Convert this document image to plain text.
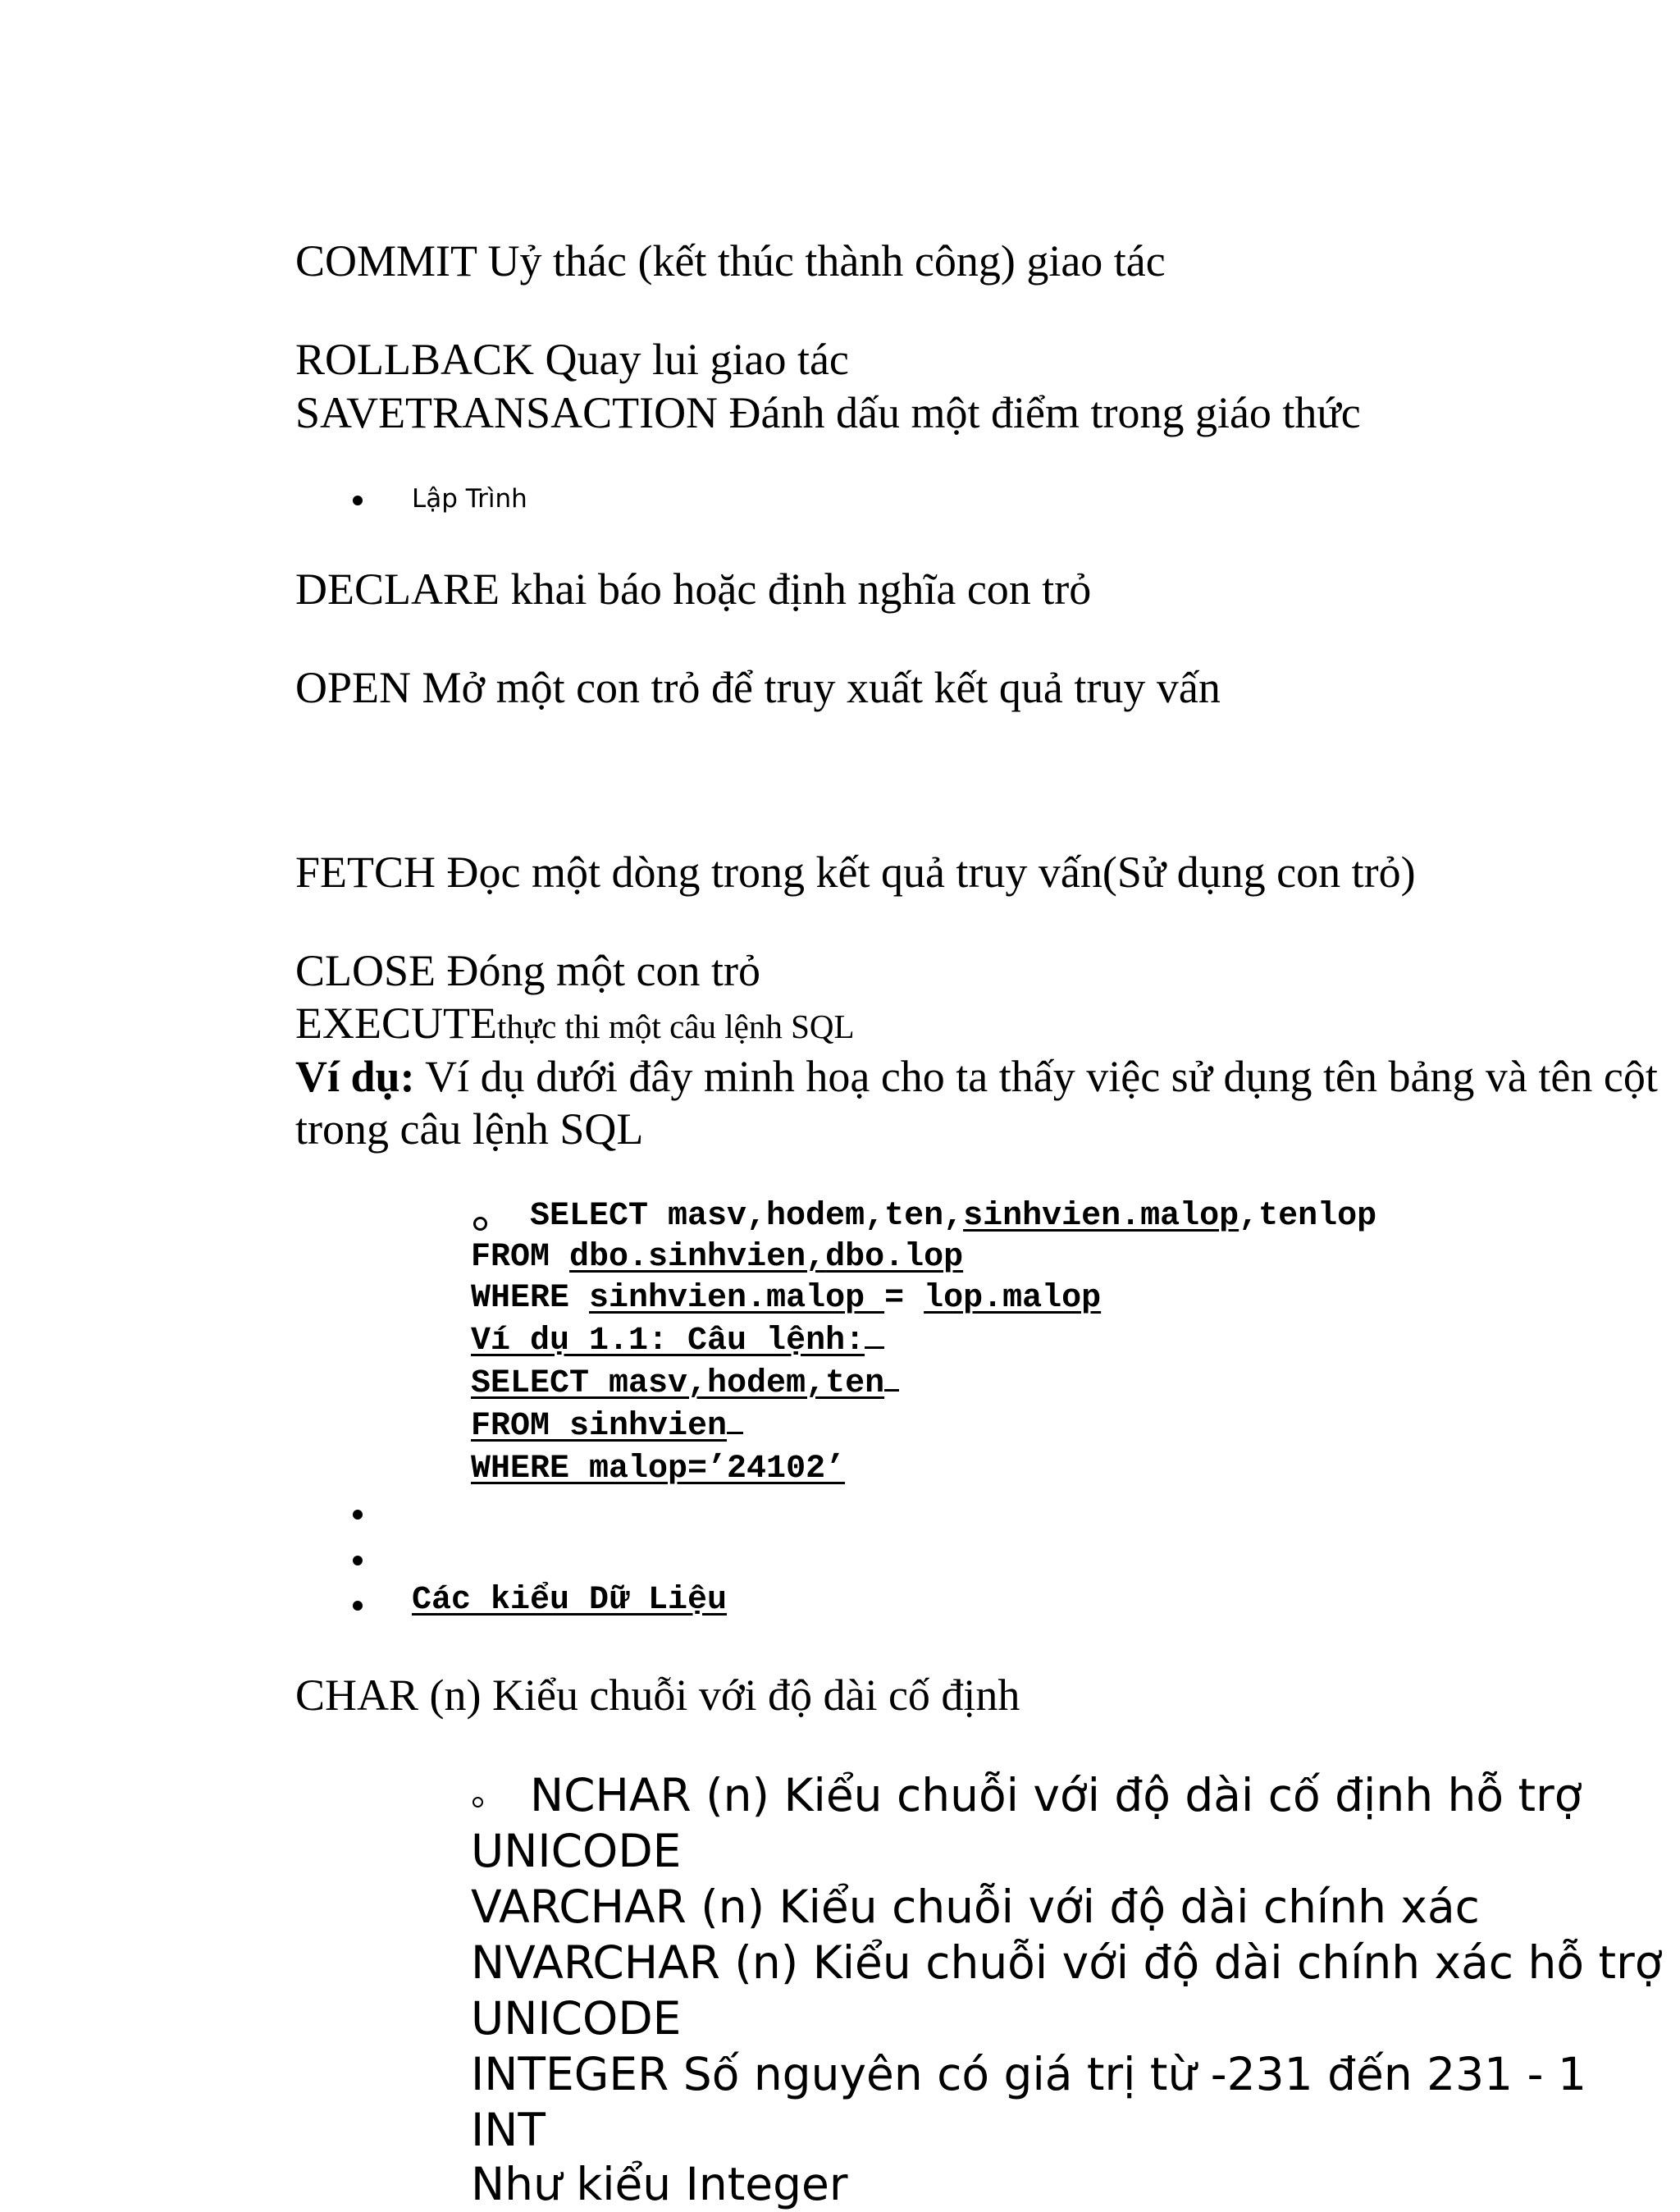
COMMIT Uỷ thác (kết thúc thành công) giao tác
ROLLBACK Quay lui giao tác
SAVETRANSACTION Đánh dấu một điểm trong giáo thức
Lập Trình
DECLARE khai báo hoặc định nghĩa con trỏ
OPEN Mở một con trỏ để truy xuất kết quả truy vấn
FETCH Đọc một dòng trong kết quả truy vấn(Sử dụng con trỏ)
CLOSE Đóng một con trỏ
EXECUTEthực thi một câu lệnh SQL
Ví dụ: Ví dụ dưới đây minh hoạ cho ta thấy việc sử dụng tên bảng và tên cột
trong câu lệnh SQL
SELECT masv,hodem,ten,sinhvien.malop,tenlop
FROM dbo.sinhvien,dbo.lop
WHERE sinhvien.malop = lop.malop
Ví dụ 1.1: Câu lệnh:
SELECT masv,hodem,ten
FROM sinhvien
WHERE malop=’24102’
Các kiểu Dữ Liệu
CHAR (n) Kiểu chuỗi với độ dài cố định
NCHAR (n) Kiểu chuỗi với độ dài cố định hỗ trợ
UNICODE
VARCHAR (n) Kiểu chuỗi với độ dài chính xác
NVARCHAR (n) Kiểu chuỗi với độ dài chính xác hỗ trợ
UNICODE
INTEGER Số nguyên có giá trị từ -231 đến 231 - 1
INT
Như kiểu Integer
